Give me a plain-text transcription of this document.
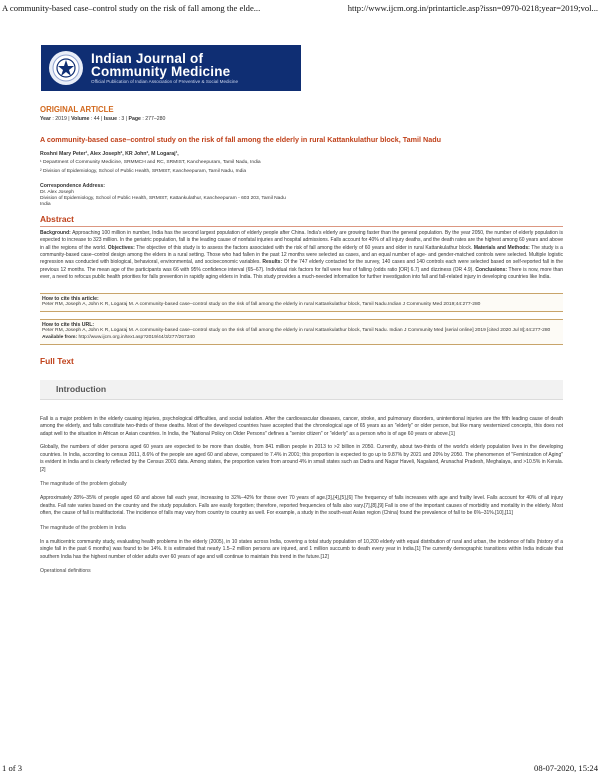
A community-based case–control study on the risk of fall among the elde...	http://www.ijcm.org.in/printarticle.asp?issn=0970-0218;year=2019;vol...
Indian Journal of
Community Medicine
Official Publication of Indian Association of Preventive & Social Medicine
ORIGINAL ARTICLE
Year : 2019 | Volume : 44 | Issue : 3 | Page : 277–280
A community-based case–control study on the risk of fall among the elderly in rural Kattankulathur block, Tamil Nadu
Roshni Mary Peter¹, Alex Joseph², KR John², M Logaraj¹,
¹ Department of Community Medicine, SRMMCH and RC, SRMIST, Kancheepuram, Tamil Nadu, India
² Division of Epidemiology, School of Public Health, SRMIST, Kancheepuram, Tamil Nadu, India
Correspondence Address:
Dr. Alex Joseph
Division of Epidemiology, School of Public Health, SRMIST, Kattankulathur, Kancheepuram - 603 203, Tamil Nadu
India
Abstract
Background: Approaching 100 million in number, India has the second largest population of elderly people after China. India's elderly are growing faster than the general population. By the year 2050, the number of elderly population is expected to increase to 323 million. In the geriatric population, fall is the leading cause of nonfatal injuries and hospital admissions. Falls account for 40% of all injury deaths, and the death rates are the highest among 60 years and above in all the regions of the world. Objectives: The objective of this study is to assess the factors associated with the risk of fall among the elderly of 60 years and older in rural Kattankulathur block. Materials and Methods: The study is a community-based case–control design among the elders in a rural setting. Those who had fallen in the past 12 months were selected as cases, and an equal number of age- and gender-matched controls were selected. Multiple logistic regression was conducted with biological, behavioral, environmental, and socioeconomic variables. Results: Of the 747 elderly contacted for the survey, 140 cases and 140 controls each were selected based on self-reported fall in the previous 12 months. The mean age of the participants was 66 with 95% confidence interval (65–67). Individual risk factors for fall were fear of falling (odds ratio [OR] 6.7) and dizziness (OR 4.9). Conclusions: There is now, more than ever, a need to refocus public health priorities for falls prevention in rapidly aging elders in India. This study provides a much-needed information for further investigation into fall and fall-related injury in developing countries like India.
How to cite this article:
Peter RM, Joseph A, John K R, Logaraj M. A community-based case–control study on the risk of fall among the elderly in rural Kattankulathur block, Tamil Nadu.Indian J Community Med 2019;44:277-280
How to cite this URL:
Peter RM, Joseph A, John K R, Logaraj M. A community-based case–control study on the risk of fall among the elderly in rural Kattankulathur block, Tamil Nadu. Indian J Community Med [serial online] 2019 [cited 2020 Jul 8];44:277-280
Available from: http://www.ijcm.org.in/text.asp?2019/44/3/277/267340
Full Text
Introduction
Fall is a major problem in the elderly causing injuries, psychological difficulties, and social isolation. After the cardiovascular diseases, cancer, stroke, and pulmonary disorders, unintentional injuries are the fifth leading cause of death among the elderly, and falls constitute two-thirds of these deaths. Most of the developed countries have accepted that the chronological age of 65 years as an "elderly" or older person, but like many westernized concepts, this does not adapt well to the situation in African or Asian countries. In India, the "National Policy on Older Persons" defines a "senior citizen" or "elderly" as a person who is of age 60 years or above.[1]
Globally, the numbers of older persons aged 60 years are expected to be more than double, from 841 million people in 2013 to >2 billion in 2050. Currently, about two-thirds of the world's elderly population lives in the developing countries. In India, according to census 2011, 8.6% of the people are aged 60 and above, compared to 7.4% in 2001; this proportion is expected to go up to 9.87% by 2021 and 20% by 2050. The phenomenon of "Feminization of Aging" is evident in India and is clearly reflected by the Census 2001 data. Among states, the proportion varies from around 4% in small states such as Dadra and Nagar Haveli, Nagaland, Arunachal Pradesh, Meghalaya, and >10.5% in Kerala.[2]
The magnitude of the problem globally
Approximately 28%–35% of people aged 60 and above fall each year, increasing to 32%–42% for those over 70 years of age.[3],[4],[5],[6] The frequency of falls increases with age and frailty level. Falls account for 40% of all injury deaths. Fall rate varies based on the country and the study population. Falls are easily forgotten; therefore, reported frequencies of falls also vary.[7],[8],[9] Fall is one of the important causes of morbidity and mortality in the elderly. Most often, the cause of fall is multifactorial. The incidence of falls may vary from country to country as well. For example, a study in the south-east Asian region (China) found the prevalence of fall to be 6%–31%.[10],[11]
The magnitude of the problem in India
In a multicentric community study, evaluating health problems in the elderly (2005), in 10 states across India, covering a total study population of 10,200 elderly with equal distribution of rural and urban, the incidence of falls (history of a single fall in the past 6 months) was found to be 14%. It is estimated that nearly 1.5–2 million persons are injured, and 1 million succumb to death every year in India.[1] The currently demographic transitions within India indicate that southern India has the highest number of older adults over 60 years of age and will continue to maintain this trend in the future.[12]
Operational definitions
1 of 3	08-07-2020, 15:24
